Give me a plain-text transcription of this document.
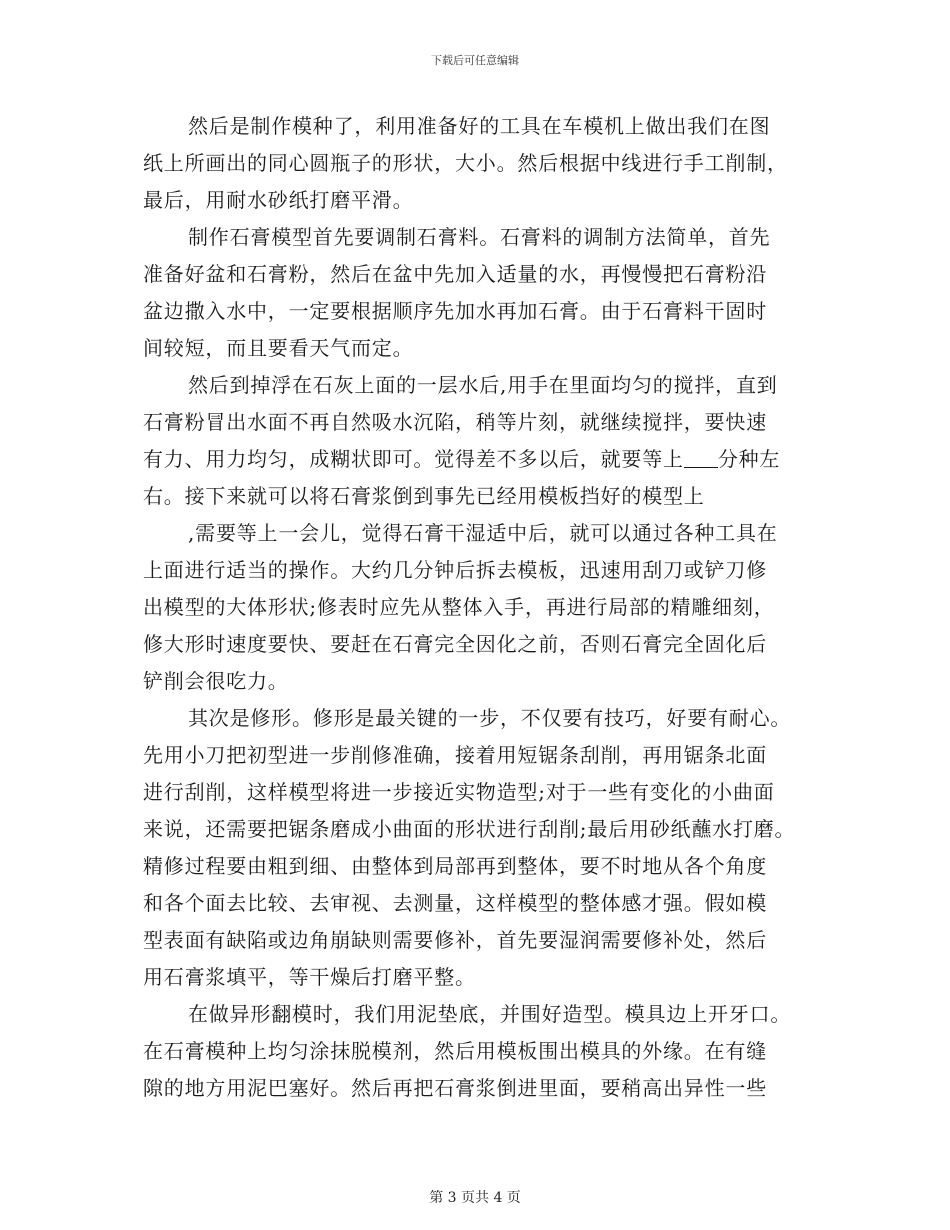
下载后可任意编辑
然后是制作模种了，利用准备好的工具在车模机上做出我们在图
纸上所画出的同心圆瓶子的形状，大小。然后根据中线进行手工削制，
最后，用耐水砂纸打磨平滑。
制作石膏模型首先要调制石膏料。石膏料的调制方法简单，首先
准备好盆和石膏粉，然后在盆中先加入适量的水，再慢慢把石膏粉沿
盆边撒入水中，一定要根据顺序先加水再加石膏。由于石膏料干固时
间较短，而且要看天气而定。
然后到掉浮在石灰上面的一层水后,用手在里面均匀的搅拌，直到
石膏粉冒出水面不再自然吸水沉陷，稍等片刻，就继续搅拌，要快速
有力、用力均匀，成糊状即可。觉得差不多以后，就要等上 分种左
右。接下来就可以将石膏浆倒到事先已经用模板挡好的模型上
,需要等上一会儿，觉得石膏干湿适中后，就可以通过各种工具在
上面进行适当的操作。大约几分钟后拆去模板，迅速用刮刀或铲刀修
出模型的大体形状;修表时应先从整体入手，再进行局部的精雕细刻，
修大形时速度要快、要赶在石膏完全因化之前，否则石膏完全固化后
铲削会很吃力。
其次是修形。修形是最关键的一步，不仅要有技巧，好要有耐心。
先用小刀把初型进一步削修准确，接着用短锯条刮削，再用锯条北面
进行刮削，这样模型将进一步接近实物造型;对于一些有变化的小曲面
来说，还需要把锯条磨成小曲面的形状进行刮削;最后用砂纸蘸水打磨。
精修过程要由粗到细、由整体到局部再到整体，要不时地从各个角度
和各个面去比较、去审视、去测量，这样模型的整体感才强。假如模
型表面有缺陷或边角崩缺则需要修补，首先要湿润需要修补处，然后
用石膏浆填平，等干燥后打磨平整。
在做异形翻模时，我们用泥垫底，并围好造型。模具边上开牙口。
在石膏模种上均匀涂抹脱模剂，然后用模板围出模具的外缘。在有缝
隙的地方用泥巴塞好。然后再把石膏浆倒进里面，要稍高出异性一些
第 3 页共 4 页
